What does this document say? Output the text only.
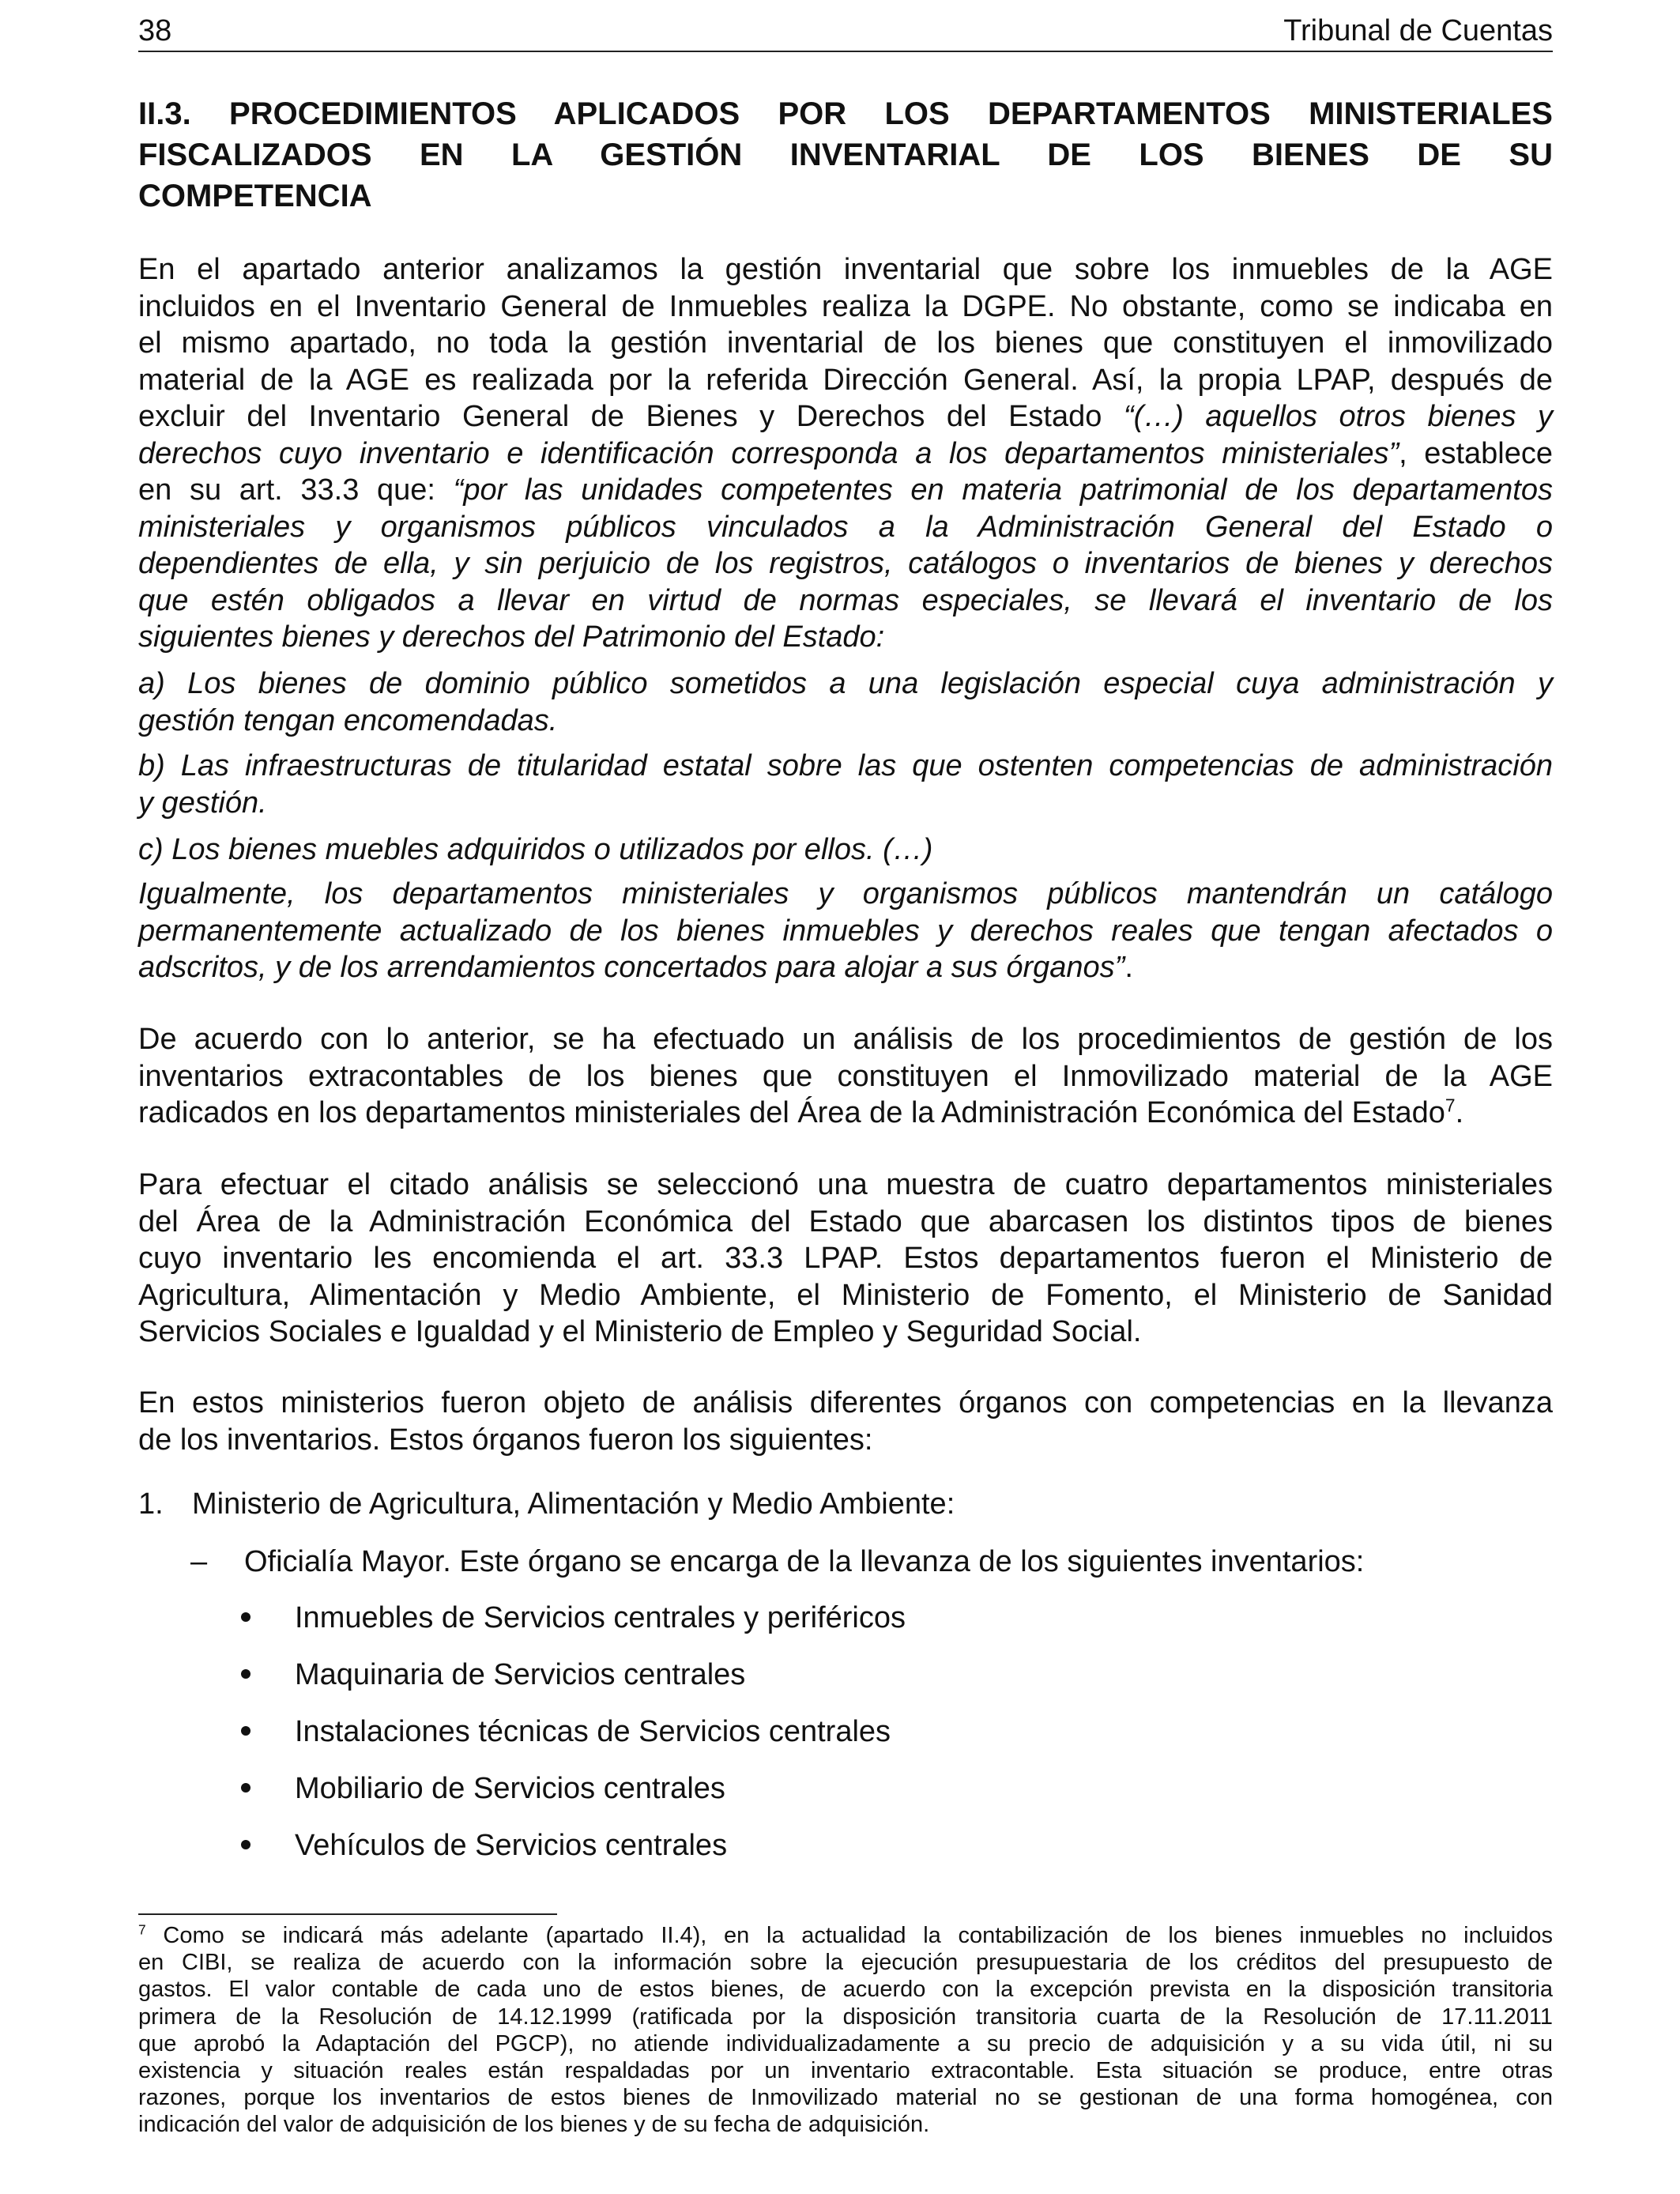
38	Tribunal de Cuentas
II.3. PROCEDIMIENTOS APLICADOS POR LOS DEPARTAMENTOS MINISTERIALES
FISCALIZADOS EN LA GESTIÓN INVENTARIAL DE LOS BIENES DE SU
COMPETENCIA
En el apartado anterior analizamos la gestión inventarial que sobre los inmuebles de la AGE
incluidos en el Inventario General de Inmuebles realiza la DGPE. No obstante, como se indicaba en
el mismo apartado, no toda la gestión inventarial de los bienes que constituyen el inmovilizado
material de la AGE es realizada por la referida Dirección General. Así, la propia LPAP, después de
excluir del Inventario General de Bienes y Derechos del Estado “(…) aquellos otros bienes y
derechos cuyo inventario e identificación corresponda a los departamentos ministeriales”, establece
en su art. 33.3 que: “por las unidades competentes en materia patrimonial de los departamentos
ministeriales y organismos públicos vinculados a la Administración General del Estado o
dependientes de ella, y sin perjuicio de los registros, catálogos o inventarios de bienes y derechos
que estén obligados a llevar en virtud de normas especiales, se llevará el inventario de los
siguientes bienes y derechos del Patrimonio del Estado:
a) Los bienes de dominio público sometidos a una legislación especial cuya administración y
gestión tengan encomendadas.
b) Las infraestructuras de titularidad estatal sobre las que ostenten competencias de administración
y gestión.
c) Los bienes muebles adquiridos o utilizados por ellos. (…)
Igualmente, los departamentos ministeriales y organismos públicos mantendrán un catálogo
permanentemente actualizado de los bienes inmuebles y derechos reales que tengan afectados o
adscritos, y de los arrendamientos concertados para alojar a sus órganos”.
De acuerdo con lo anterior, se ha efectuado un análisis de los procedimientos de gestión de los
inventarios extracontables de los bienes que constituyen el Inmovilizado material de la AGE
radicados en los departamentos ministeriales del Área de la Administración Económica del Estado$^7$.
Para efectuar el citado análisis se seleccionó una muestra de cuatro departamentos ministeriales
del Área de la Administración Económica del Estado que abarcasen los distintos tipos de bienes
cuyo inventario les encomienda el art. 33.3 LPAP. Estos departamentos fueron el Ministerio de
Agricultura, Alimentación y Medio Ambiente, el Ministerio de Fomento, el Ministerio de Sanidad
Servicios Sociales e Igualdad y el Ministerio de Empleo y Seguridad Social.
En estos ministerios fueron objeto de análisis diferentes órganos con competencias en la llevanza
de los inventarios. Estos órganos fueron los siguientes:
1. Ministerio de Agricultura, Alimentación y Medio Ambiente:
– Oficialía Mayor. Este órgano se encarga de la llevanza de los siguientes inventarios:
Inmuebles de Servicios centrales y periféricos
Maquinaria de Servicios centrales
Instalaciones técnicas de Servicios centrales
Mobiliario de Servicios centrales
Vehículos de Servicios centrales
$^7$ Como se indicará más adelante (apartado II.4), en la actualidad la contabilización de los bienes inmuebles no incluidos
en CIBI, se realiza de acuerdo con la información sobre la ejecución presupuestaria de los créditos del presupuesto de
gastos. El valor contable de cada uno de estos bienes, de acuerdo con la excepción prevista en la disposición transitoria
primera de la Resolución de 14.12.1999 (ratificada por la disposición transitoria cuarta de la Resolución de 17.11.2011
que aprobó la Adaptación del PGCP), no atiende individualizadamente a su precio de adquisición y a su vida útil, ni su
existencia y situación reales están respaldadas por un inventario extracontable. Esta situación se produce, entre otras
razones, porque los inventarios de estos bienes de Inmovilizado material no se gestionan de una forma homogénea, con
indicación del valor de adquisición de los bienes y de su fecha de adquisición.
